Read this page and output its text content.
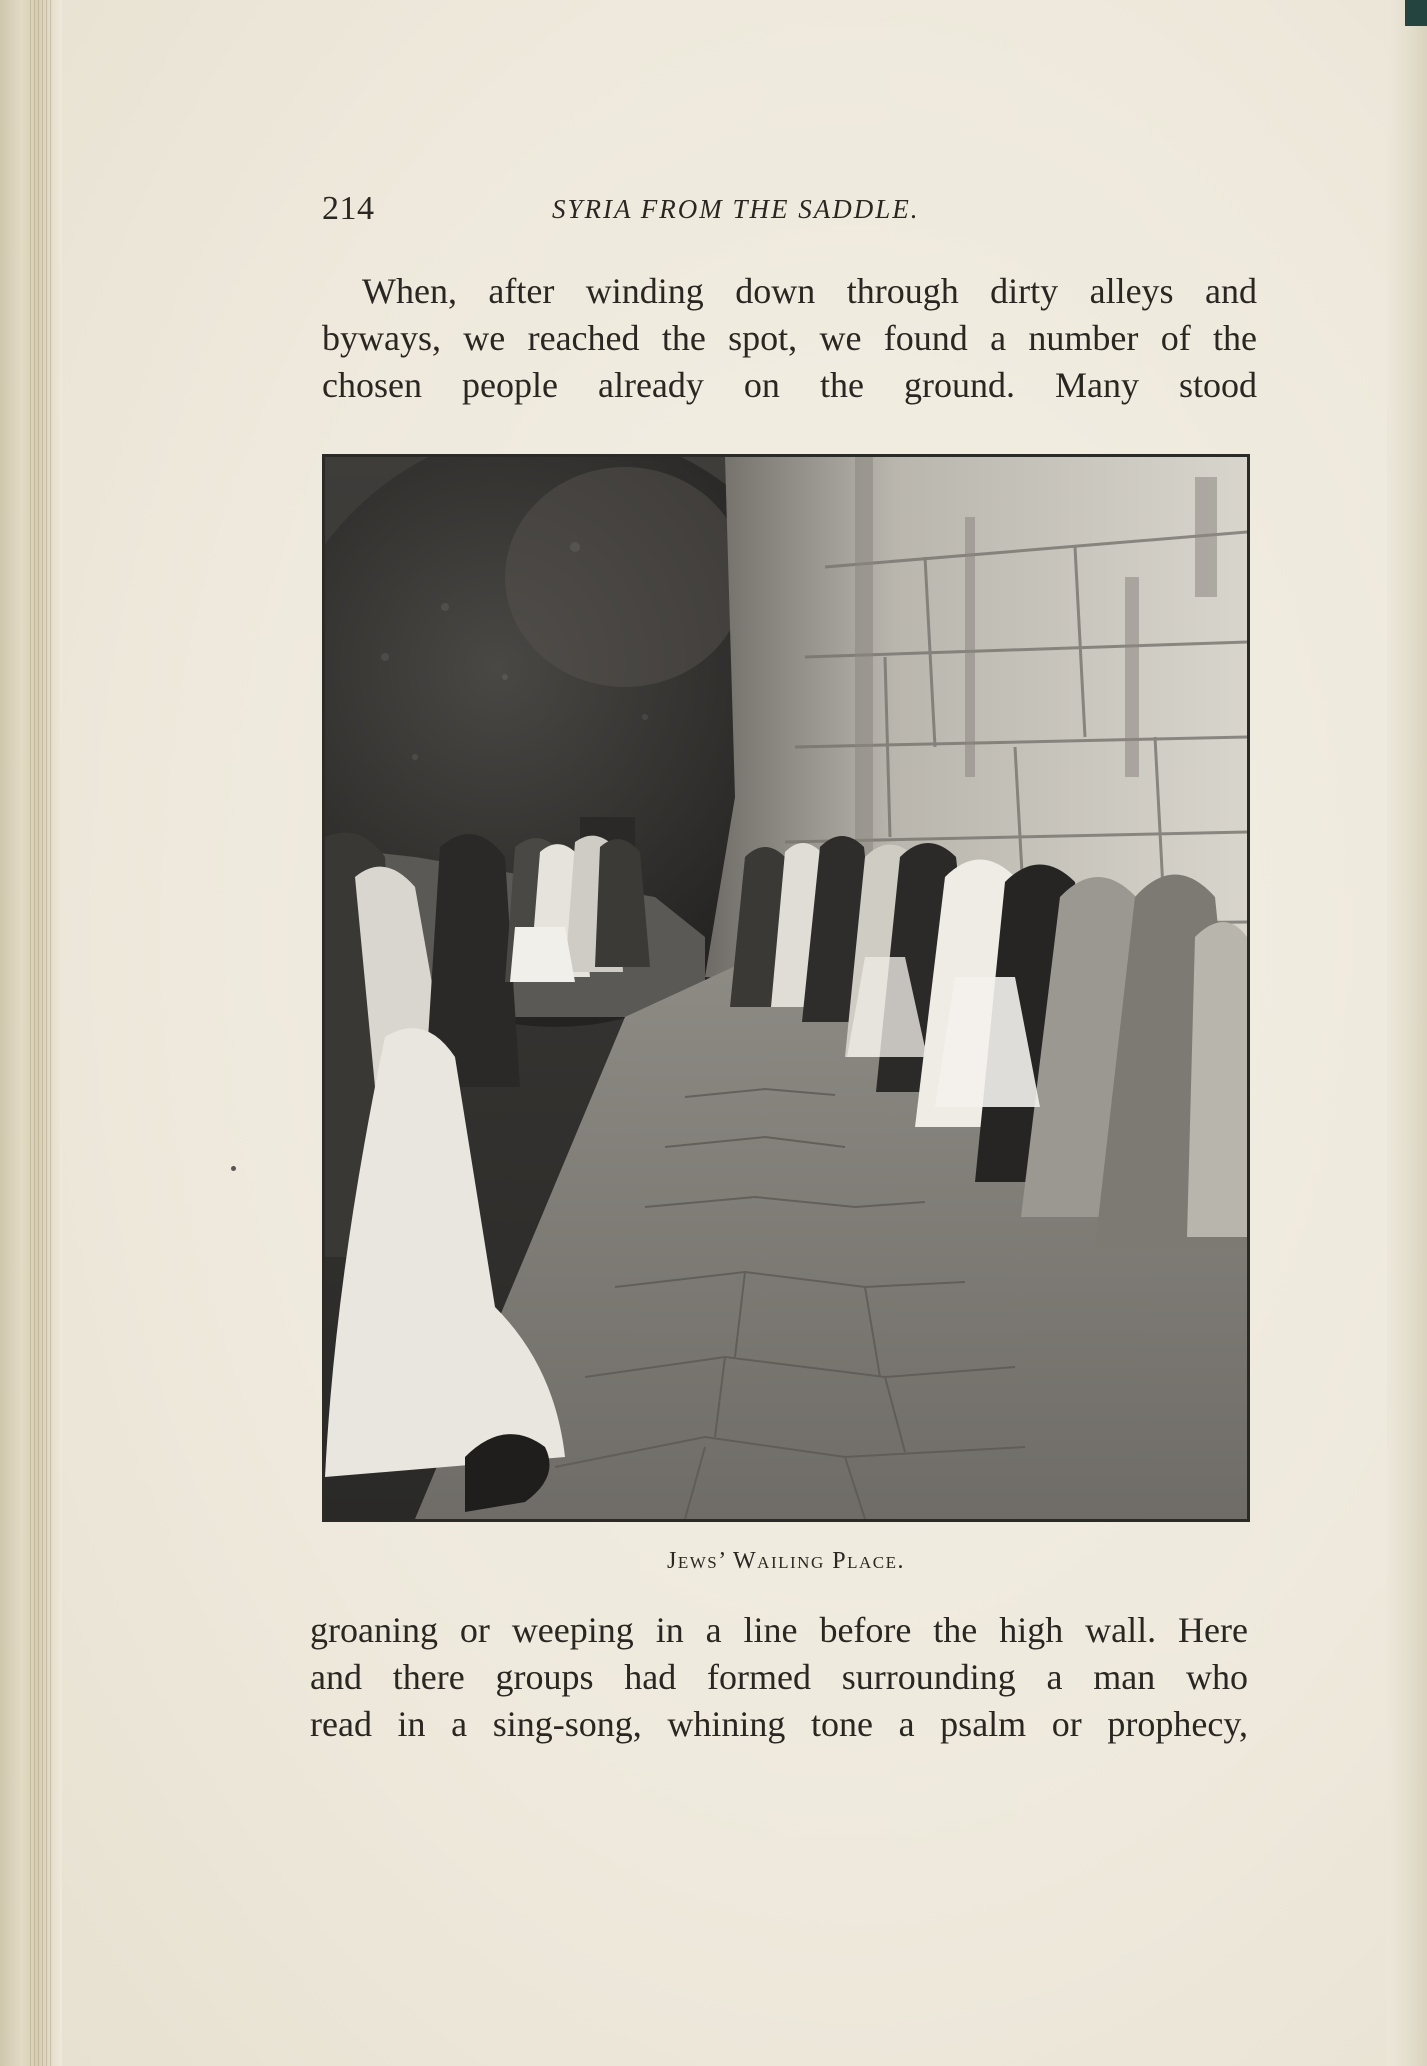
214	SYRIA FROM THE SADDLE.
When, after winding down through dirty alleys and
byways, we reached the spot, we found a number of the
chosen people already on the ground. Many stood
Jews’ Wailing Place.
groaning or weeping in a line before the high wall. Here
and there groups had formed surrounding a man who
read in a sing-song, whining tone a psalm or prophecy,
